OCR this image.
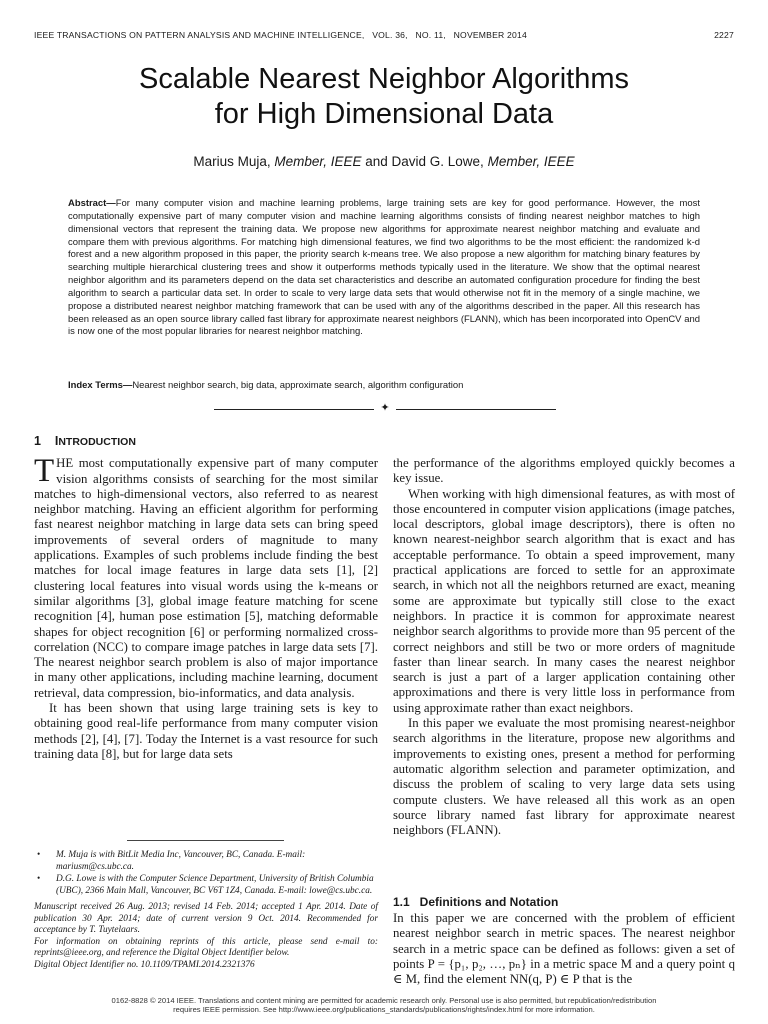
IEEE TRANSACTIONS ON PATTERN ANALYSIS AND MACHINE INTELLIGENCE,   VOL. 36,   NO. 11,   NOVEMBER 2014	2227
Scalable Nearest Neighbor Algorithms
for High Dimensional Data
Marius Muja, Member, IEEE and David G. Lowe, Member, IEEE
Abstract—For many computer vision and machine learning problems, large training sets are key for good performance. However, the most computationally expensive part of many computer vision and machine learning algorithms consists of finding nearest neighbor matches to high dimensional vectors that represent the training data. We propose new algorithms for approximate nearest neighbor matching and evaluate and compare them with previous algorithms. For matching high dimensional features, we find two algorithms to be the most efficient: the randomized k-d forest and a new algorithm proposed in this paper, the priority search k-means tree. We also propose a new algorithm for matching binary features by searching multiple hierarchical clustering trees and show it outperforms methods typically used in the literature. We show that the optimal nearest neighbor algorithm and its parameters depend on the data set characteristics and describe an automated configuration procedure for finding the best algorithm to search a particular data set. In order to scale to very large data sets that would otherwise not fit in the memory of a single machine, we propose a distributed nearest neighbor matching framework that can be used with any of the algorithms described in the paper. All this research has been released as an open source library called fast library for approximate nearest neighbors (FLANN), which has been incorporated into OpenCV and is now one of the most popular libraries for nearest neighbor matching.
Index Terms—Nearest neighbor search, big data, approximate search, algorithm configuration
✦
1 INTRODUCTION

THE most computationally expensive part of many computer vision algorithms consists of searching for the most similar matches to high-dimensional vectors, also referred to as nearest neighbor matching. Having an efficient algorithm for performing fast nearest neighbor matching in large data sets can bring speed improvements of several orders of magnitude to many applications. Examples of such problems include finding the best matches for local image features in large data sets [1], [2] clustering local features into visual words using the k-means or similar algorithms [3], global image feature matching for scene recognition [4], human pose estimation [5], matching deformable shapes for object recognition [6] or performing normalized cross-correlation (NCC) to compare image patches in large data sets [7]. The nearest neighbor search problem is also of major importance in many other applications, including machine learning, document retrieval, data compression, bio-informatics, and data analysis.

It has been shown that using large training sets is key to obtaining good real-life performance from many computer vision methods [2], [4], [7]. Today the Internet is a vast resource for such training data [8], but for large data sets

• M. Muja is with BitLit Media Inc, Vancouver, BC, Canada. E-mail: mariusm@cs.ubc.ca.
• D.G. Lowe is with the Computer Science Department, University of British Columbia (UBC), 2366 Main Mall, Vancouver, BC V6T 1Z4, Canada. E-mail: lowe@cs.ubc.ca.

Manuscript received 26 Aug. 2013; revised 14 Feb. 2014; accepted 1 Apr. 2014. Date of publication 30 Apr. 2014; date of current version 9 Oct. 2014. Recommended for acceptance by T. Tuytelaars.

For information on obtaining reprints of this article, please send e-mail to: reprints@ieee.org, and reference the Digital Object Identifier below.

Digital Object Identifier no. 10.1109/TPAMI.2014.2321376

the performance of the algorithms employed quickly becomes a key issue.

When working with high dimensional features, as with most of those encountered in computer vision applications (image patches, local descriptors, global image descriptors), there is often no known nearest-neighbor search algorithm that is exact and has acceptable performance. To obtain a speed improvement, many practical applications are forced to settle for an approximate search, in which not all the neighbors returned are exact, meaning some are approximate but typically still close to the exact neighbors. In practice it is common for approximate nearest neighbor search algorithms to provide more than 95 percent of the correct neighbors and still be two or more orders of magnitude faster than linear search. In many cases the nearest neighbor search is just a part of a larger application containing other approximations and there is very little loss in performance from using approximate rather than exact neighbors.

In this paper we evaluate the most promising nearest-neighbor search algorithms in the literature, propose new algorithms and improvements to existing ones, present a method for performing automatic algorithm selection and parameter optimization, and discuss the problem of scaling to very large data sets using compute clusters. We have released all this work as an open source library named fast library for approximate nearest neighbors (FLANN).

1.1   Definitions and Notation

In this paper we are concerned with the problem of efficient nearest neighbor search in metric spaces. The nearest neighbor search in a metric space can be defined as follows: given a set of points P = {p₁, p₂, …, pₙ} in a metric space M and a query point q ∈ M, find the element NN(q, P) ∈ P that is the

0162-8828 © 2014 IEEE. Translations and content mining are permitted for academic research only. Personal use is also permitted, but republication/redistribution
requires IEEE permission. See http://www.ieee.org/publications_standards/publications/rights/index.html for more information.
